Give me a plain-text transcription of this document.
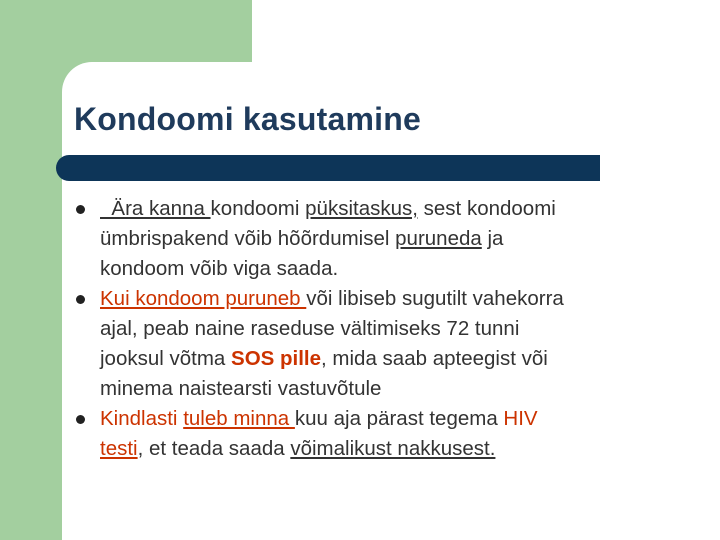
Kondoomi kasutamine
Ära kanna kondoomi püksitaskus, sest kondoomi
ümbrispakend võib hõõrdumisel puruneda ja
kondoom võib viga saada.
Kui kondoom puruneb või libiseb sugutilt vahekorra
ajal, peab naine raseduse vältimiseks 72 tunni
jooksul võtma SOS pille, mida saab apteegist või
minema naistearsti vastuvõtule
Kindlasti tuleb minna kuu aja pärast tegema HIV
testi, et teada saada võimalikust nakkusest.
